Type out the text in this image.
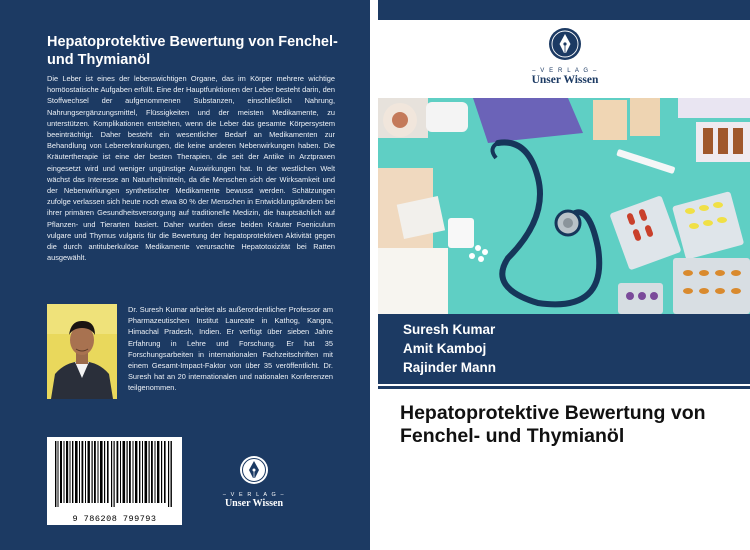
Hepatoprotektive Bewertung von Fenchel- und Thymianöl

Die Leber ist eines der lebenswichtigen Organe, das im Körper mehrere wichtige homöostatische Aufgaben erfüllt. Eine der Hauptfunktionen der Leber besteht darin, den Stoffwechsel der aufgenommenen Substanzen, einschließlich Nahrung, Nahrungsergänzungsmittel, Flüssigkeiten und der meisten Medikamente, zu unterstützen. Komplikationen entstehen, wenn die Leber das gesamte Körpersystem beeinträchtigt. Daher besteht ein wesentlicher Bedarf an Medikamenten zur Behandlung von Lebererkrankungen, die keine anderen Nebenwirkungen haben. Die Kräutertherapie ist eine der besten Therapien, die seit der Antike in Arztpraxen eingesetzt wird und weniger ungünstige Auswirkungen hat. In der westlichen Welt wächst das Interesse an Naturheilmitteln, da die Menschen sich der Wirksamkeit und der Nebenwirkungen synthetischer Medikamente bewusst werden. Schätzungen zufolge verlassen sich heute noch etwa 80 % der Menschen in Entwicklungsländern bei ihrer primären Gesundheitsversorgung auf traditionelle Medizin, die hauptsächlich auf Pflanzen- und Tierarten basiert. Daher wurden diese beiden Kräuter Foeniculum vulgare und Thymus vulgaris für die Bewertung der hepatoprotektiven Aktivität gegen die durch antituberkulöse Medikamente verursachte Hepatotoxizität bei Ratten ausgewählt.

Dr. Suresh Kumar arbeitet als außerordentlicher Professor am Pharmazeutischen Institut Laureate in Kathog, Kangra, Himachal Pradesh, Indien. Er verfügt über sieben Jahre Erfahrung in Lehre und Forschung. Er hat 35 Forschungsarbeiten in internationalen Fachzeitschriften mit einem Gesamt-Impact-Faktor von über 35 veröffentlicht. Dr. Suresh hat an 20 internationalen und nationalen Konferenzen teilgenommen.

9 786208 799793
– V E R L A G –
Unser Wissen
– V E R L A G –
Unser Wissen

Suresh Kumar

Amit Kamboj

Rajinder Mann

Hepatoprotektive Bewertung von Fenchel- und Thymianöl
